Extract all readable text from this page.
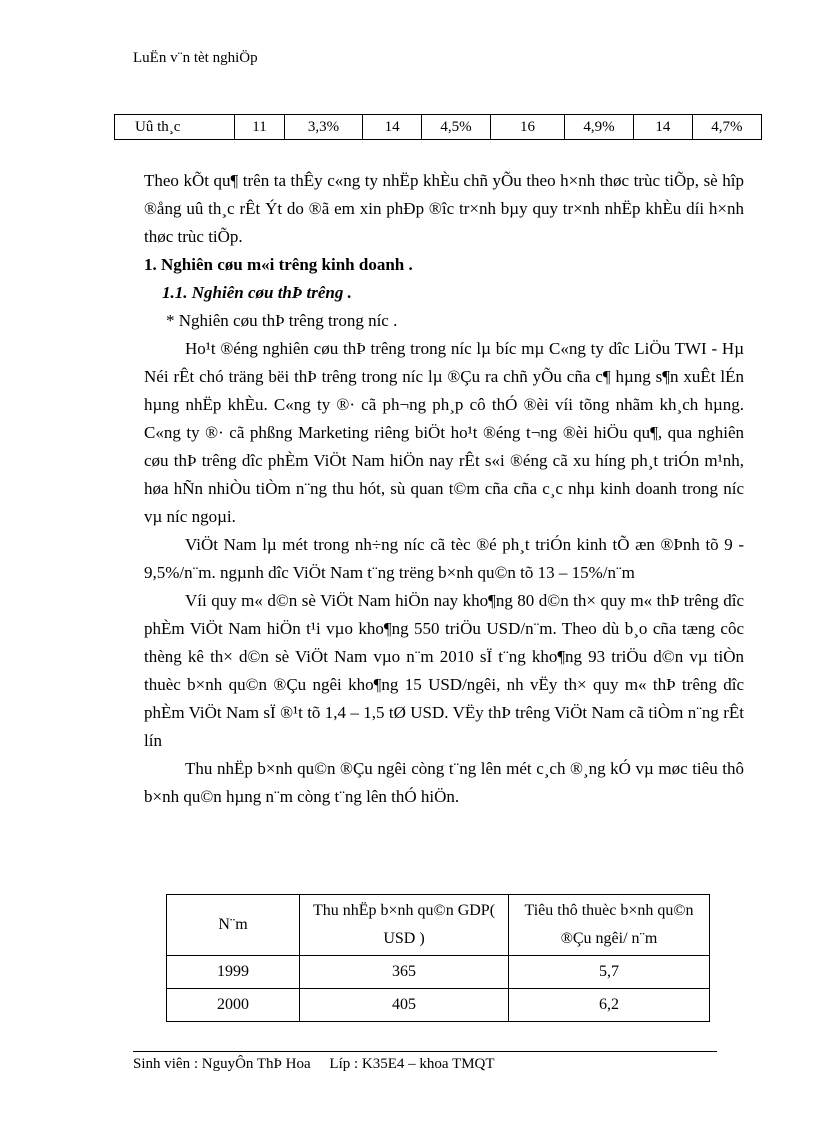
LuËn v¨n tèt nghiÖp
Uû th¸c	11	3,3%	14	4,5%	16	4,9%	14	4,7%

Theo kÕt qu¶ trên ta thÊy c«ng ty nhËp khÈu chñ yÕu theo h×nh thøc trùc tiÕp, sè hîp ®ång uû th¸c rÊt Ýt do ®ã em xin phÐp ®îc tr×nh bµy quy tr×nh nhËp khÈu díi h×nh thøc trùc tiÕp.

1. Nghiên cøu m«i trêng kinh doanh .
1.1. Nghiên cøu thÞ trêng .
* Nghiên cøu thÞ trêng trong níc .

Ho¹t ®éng nghiên cøu thÞ trêng trong níc lµ bíc mµ C«ng ty dîc LiÖu TWI - Hµ Néi rÊt chó träng bëi thÞ trêng trong níc lµ ®Çu ra chñ yÕu cña c¶ hµng s¶n xuÊt lÉn hµng nhËp khÈu. C«ng ty ®· cã ph¬ng ph¸p cô thÓ ®èi víi tõng nhãm kh¸ch hµng. C«ng ty ®· cã phßng Marketing riêng biÖt ho¹t ®éng t¬ng ®èi hiÖu qu¶, qua nghiên cøu thÞ trêng dîc phÈm ViÖt Nam hiÖn nay rÊt s«i ®éng cã xu híng ph¸t triÓn m¹nh, høa hÑn nhiÒu tiÒm n¨ng thu hót, sù quan t©m cña cña c¸c nhµ kinh doanh trong níc vµ níc ngoµi.

ViÖt Nam lµ mét trong nh÷ng níc cã tèc ®é ph¸t triÓn kinh tÕ æn ®Þnh tõ 9 - 9,5%/n¨m. ngµnh dîc ViÖt Nam t¨ng trëng b×nh qu©n tõ 13 – 15%/n¨m

Víi quy m« d©n sè ViÖt Nam hiÖn nay kho¶ng 80 d©n th× quy m« thÞ trêng dîc phÈm ViÖt Nam hiÖn t¹i vµo kho¶ng 550 triÖu USD/n¨m. Theo dù b¸o cña tæng côc thèng kê th× d©n sè ViÖt Nam vµo n¨m 2010 sÏ t¨ng kho¶ng 93 triÖu d©n vµ tiÒn thuèc b×nh qu©n ®Çu ngêi kho¶ng 15 USD/ngêi, nh vËy th× quy m« thÞ trêng dîc phÈm ViÖt Nam sÏ ®¹t tõ 1,4 – 1,5 tØ USD. VËy thÞ trêng ViÖt Nam cã tiÒm n¨ng rÊt lín

Thu nhËp b×nh qu©n ®Çu ngêi còng t¨ng lên mét c¸ch ®¸ng kÓ vµ møc tiêu thô b×nh qu©n hµng n¨m còng t¨ng lên thÓ hiÖn.

N¨m	Thu nhËp b×nh qu©n GDP( USD )	Tiêu thô thuèc b×nh qu©n ®Çu ngêi/ n¨m
1999	365	5,7
2000	405	6,2
Sinh viên : NguyÔn ThÞ Hoa Líp : K35E4 – khoa TMQT
